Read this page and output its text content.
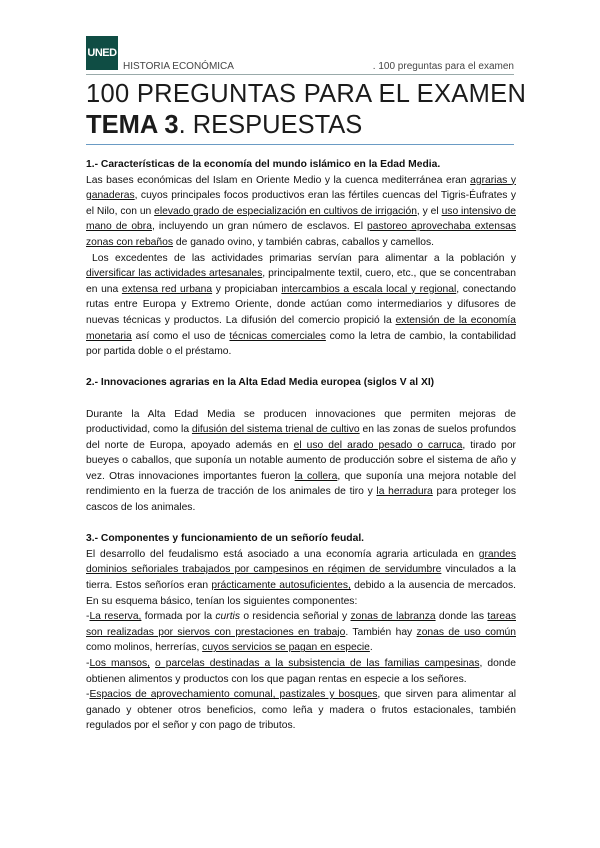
UNED
HISTORIA ECONÓMICA	. 100 preguntas para el examen
100 PREGUNTAS PARA EL EXAMEN
TEMA 3. RESPUESTAS
1.- Características de la economía del mundo islámico en la Edad Media.

Las bases económicas del Islam en Oriente Medio y la cuenca mediterránea eran agrarias y ganaderas, cuyos principales focos productivos eran las fértiles cuencas del Tigris-Éufrates y el Nilo, con un elevado grado de especialización en cultivos de irrigación, y el uso intensivo de mano de obra, incluyendo un gran número de esclavos. El pastoreo aprovechaba extensas zonas con rebaños de ganado ovino, y también cabras, caballos y camellos.

Los excedentes de las actividades primarias servían para alimentar a la población y diversificar las actividades artesanales, principalmente textil, cuero, etc., que se concentraban en una extensa red urbana y propiciaban intercambios a escala local y regional, conectando rutas entre Europa y Extremo Oriente, donde actúan como intermediarios y difusores de nuevas técnicas y productos. La difusión del comercio propició la extensión de la economía monetaria así como el uso de técnicas comerciales como la letra de cambio, la contabilidad por partida doble o el préstamo.

2.- Innovaciones agrarias en la Alta Edad Media europea (siglos V al XI)

Durante la Alta Edad Media se producen innovaciones que permiten mejoras de productividad, como la difusión del sistema trienal de cultivo en las zonas de suelos profundos del norte de Europa, apoyado además en el uso del arado pesado o carruca, tirado por bueyes o caballos, que suponía un notable aumento de producción sobre el sistema de año y vez. Otras innovaciones importantes fueron la collera, que suponía una mejora notable del rendimiento en la fuerza de tracción de los animales de tiro y la herradura para proteger los cascos de los animales.

3.- Componentes y funcionamiento de un señorío feudal.

El desarrollo del feudalismo está asociado a una economía agraria articulada en grandes dominios señoriales trabajados por campesinos en régimen de servidumbre vinculados a la tierra. Estos señoríos eran prácticamente autosuficientes, debido a la ausencia de mercados. En su esquema básico, tenían los siguientes componentes:

-La reserva, formada por la curtis o residencia señorial y zonas de labranza donde las tareas son realizadas por siervos con prestaciones en trabajo. También hay zonas de uso común como molinos, herrerías, cuyos servicios se pagan en especie.

-Los mansos, o parcelas destinadas a la subsistencia de las familias campesinas, donde obtienen alimentos y productos con los que pagan rentas en especie a los señores.

-Espacios de aprovechamiento comunal, pastizales y bosques, que sirven para alimentar al ganado y obtener otros beneficios, como leña y madera o frutos estacionales, también regulados por el señor y con pago de tributos.
